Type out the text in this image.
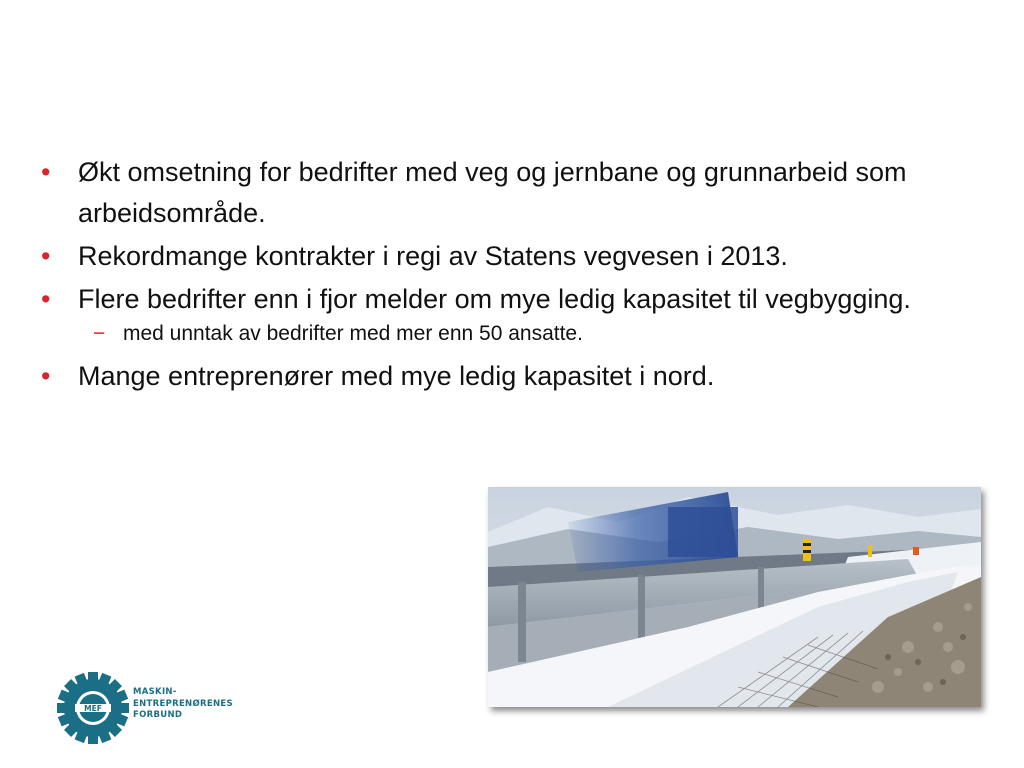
• Økt omsetning for bedrifter med veg og jernbane og grunnarbeid som arbeidsområde.
• Rekordmange kontrakter i regi av Statens vegvesen i 2013.
• Flere bedrifter enn i fjor melder om mye ledig kapasitet til vegbygging.
− med unntak av bedrifter med mer enn 50 ansatte.
• Mange entreprenører med mye ledig kapasitet i nord.
MEF
MASKIN-
ENTREPRENØRENES
FORBUND
